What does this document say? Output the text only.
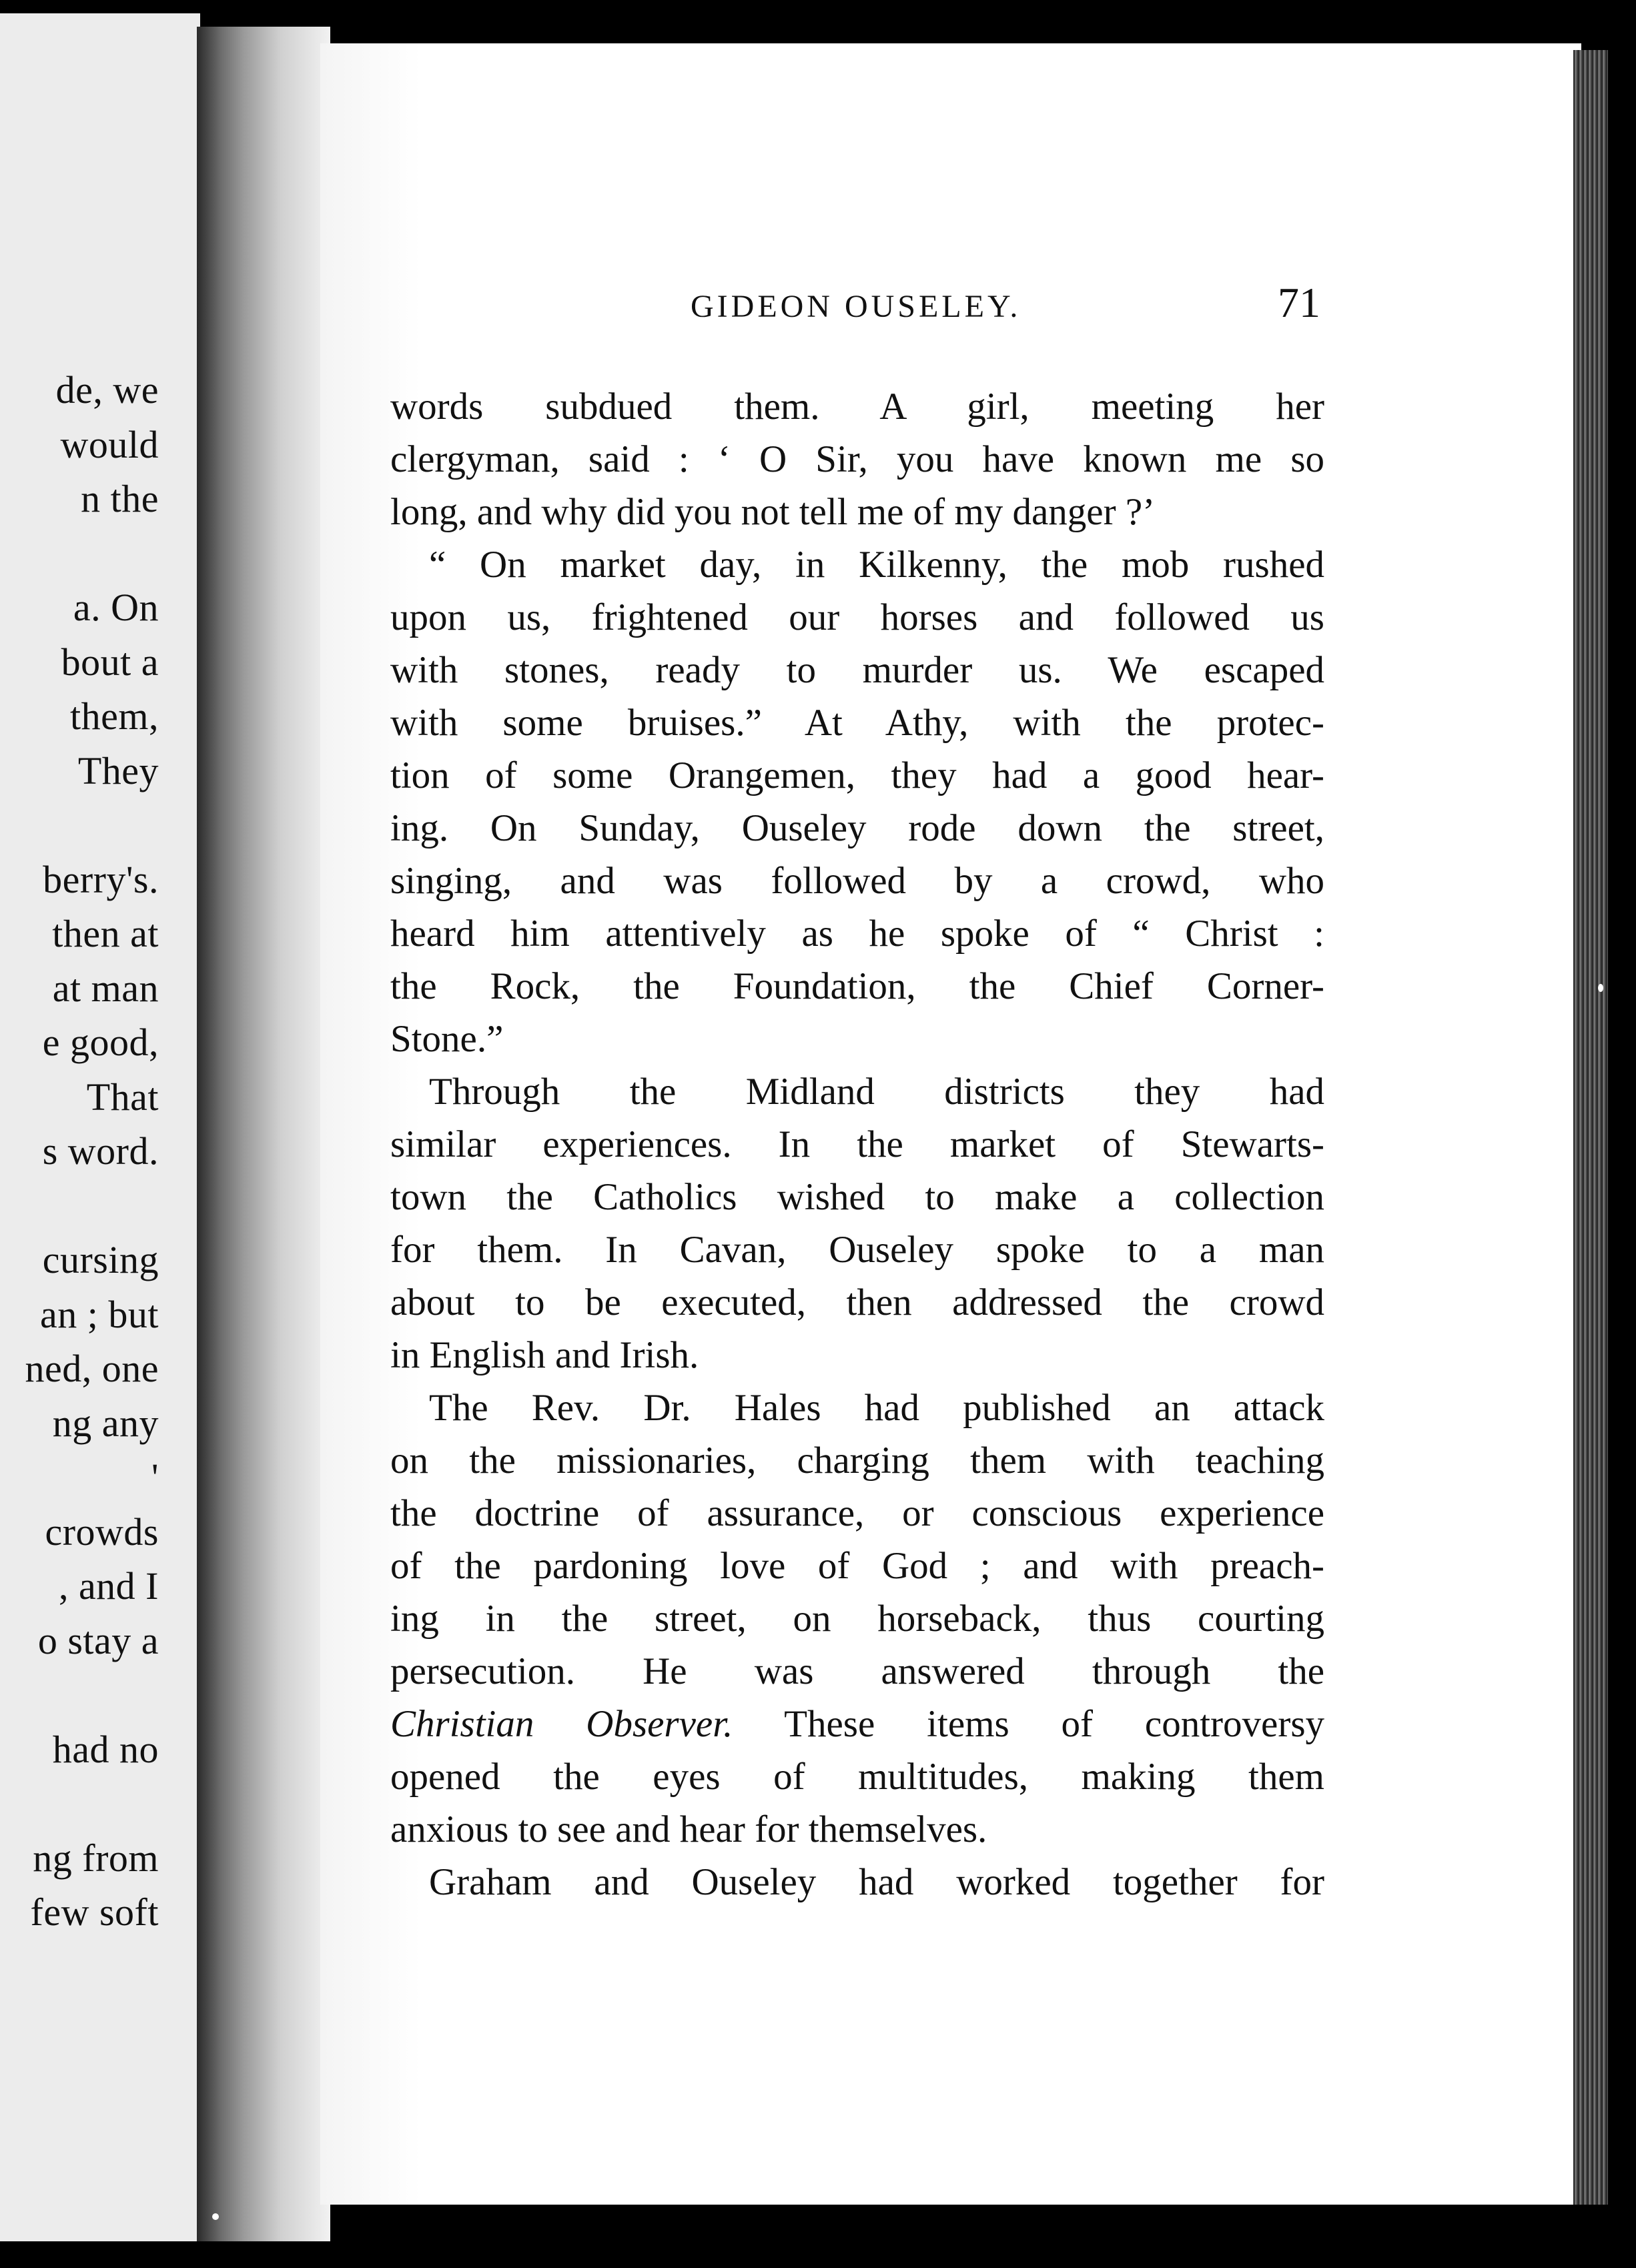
de, we
would
n the
a. On
bout a
them,
They
berry's.
then at
at man
e good,
That
s word.
cursing
an ; but
ned, one
ng any
'
crowds
, and I
o stay a
had no
ng from
few soft
GIDEON OUSELEY.	71
words subdued them. A girl, meeting her
clergyman, said : ‘ O Sir, you have known me so
long, and why did you not tell me of my danger ?’
“ On market day, in Kilkenny, the mob rushed
upon us, frightened our horses and followed us
with stones, ready to murder us. We escaped
with some bruises.” At Athy, with the protec-
tion of some Orangemen, they had a good hear-
ing. On Sunday, Ouseley rode down the street,
singing, and was followed by a crowd, who
heard him attentively as he spoke of “ Christ :
the Rock, the Foundation, the Chief Corner-
Stone.”
Through the Midland districts they had
similar experiences. In the market of Stewarts-
town the Catholics wished to make a collection
for them. In Cavan, Ouseley spoke to a man
about to be executed, then addressed the crowd
in English and Irish.
The Rev. Dr. Hales had published an attack
on the missionaries, charging them with teaching
the doctrine of assurance, or conscious experience
of the pardoning love of God ; and with preach-
ing in the street, on horseback, thus courting
persecution. He was answered through the
Christian Observer. These items of controversy
opened the eyes of multitudes, making them
anxious to see and hear for themselves.
Graham and Ouseley had worked together for
